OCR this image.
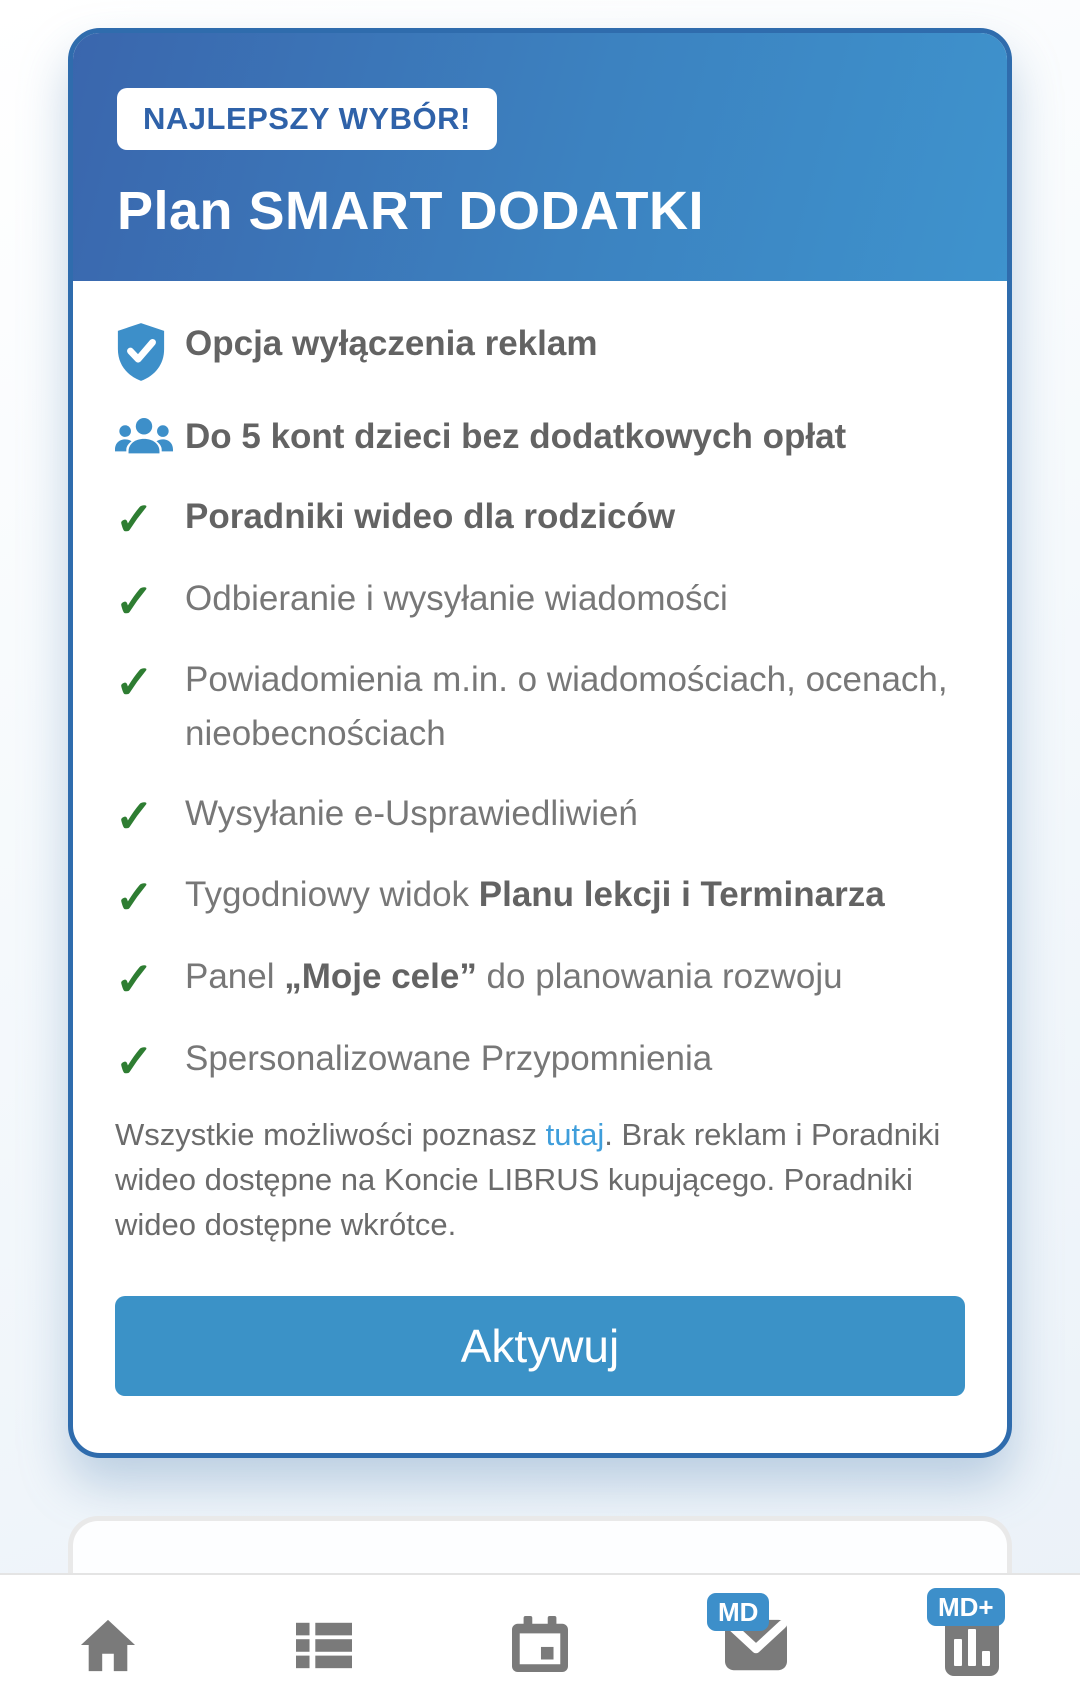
NAJLEPSZY WYBÓR!
Plan SMART DODATKI
Opcja wyłączenia reklam
Do 5 kont dzieci bez dodatkowych opłat
✓ Poradniki wideo dla rodziców
✓ Odbieranie i wysyłanie wiadomości
✓ Powiadomienia m.in. o wiadomościach, ocenach, nieobecnościach
✓ Wysyłanie e-Usprawiedliwień
✓ Tygodniowy widok Planu lekcji i Terminarza
✓ Panel „Moje cele” do planowania rozwoju
✓ Spersonalizowane Przypomnienia

Wszystkie możliwości poznasz tutaj. Brak reklam i Poradniki wideo dostępne na Koncie LIBRUS kupującego. Poradniki wideo dostępne wkrótce.

Aktywuj
MD	MD+
